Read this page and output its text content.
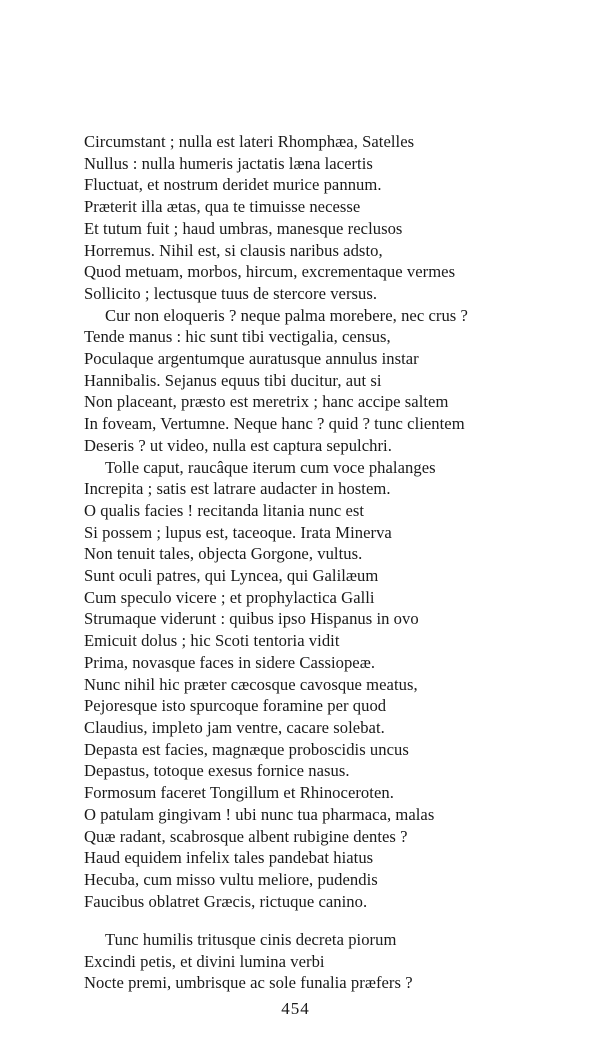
Circumstant ; nulla est lateri Rhomphæa, Satelles
Nullus : nulla humeris jactatis læna lacertis
Fluctuat, et nostrum deridet murice pannum.
Præterit illa ætas, qua te timuisse necesse
Et tutum fuit ; haud umbras, manesque reclusos
Horremus. Nihil est, si clausis naribus adsto,
Quod metuam, morbos, hircum, excrementaque vermes
Sollicito ; lectusque tuus de stercore versus.
Cur non eloqueris ? neque palma morebere, nec crus ?
Tende manus : hic sunt tibi vectigalia, census,
Poculaque argentumque auratusque annulus instar
Hannibalis. Sejanus equus tibi ducitur, aut si
Non placeant, præsto est meretrix ; hanc accipe saltem
In foveam, Vertumne. Neque hanc ? quid ? tunc clientem
Deseris ? ut video, nulla est captura sepulchri.
Tolle caput, raucâque iterum cum voce phalanges
Increpita ; satis est latrare audacter in hostem.
O qualis facies ! recitanda litania nunc est
Si possem ; lupus est, taceoque. Irata Minerva
Non tenuit tales, objecta Gorgone, vultus.
Sunt oculi patres, qui Lyncea, qui Galilæum
Cum speculo vicere ; et prophylactica Galli
Strumaque viderunt : quibus ipso Hispanus in ovo
Emicuit dolus ; hic Scoti tentoria vidit
Prima, novasque faces in sidere Cassiopeæ.
Nunc nihil hic præter cæcosque cavosque meatus,
Pejoresque isto spurcoque foramine per quod
Claudius, impleto jam ventre, cacare solebat.
Depasta est facies, magnæque proboscidis uncus
Depastus, totoque exesus fornice nasus.
Formosum faceret Tongillum et Rhinoceroten.
O patulam gingivam ! ubi nunc tua pharmaca, malas
Quæ radant, scabrosque albent rubigine dentes ?
Haud equidem infelix tales pandebat hiatus
Hecuba, cum misso vultu meliore, pudendis
Faucibus oblatret Græcis, rictuque canino.
Tunc humilis tritusque cinis decreta piorum
Excindi petis, et divini lumina verbi
Nocte premi, umbrisque ac sole funalia præfers ?
454
